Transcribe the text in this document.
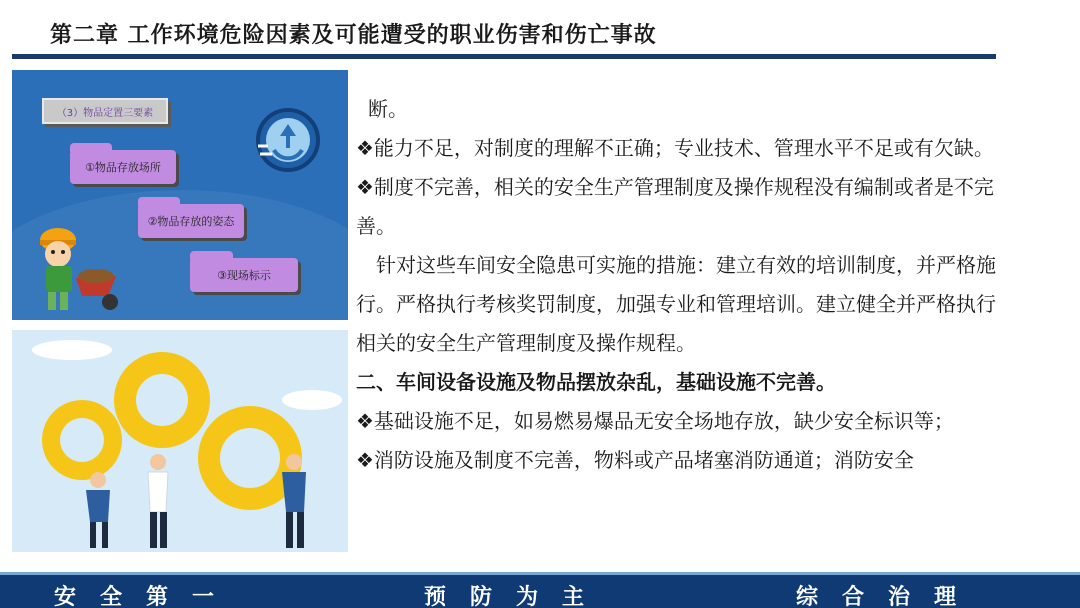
第二章 工作环境危险因素及可能遭受的职业伤害和伤亡事故
（3）物品定置三要素
①物品存放场所
②物品存放的姿态
③现场标示

断。

❖能力不足，对制度的理解不正确；专业技术、管理水平不足或有欠缺。

❖制度不完善，相关的安全生产管理制度及操作规程没有编制或者是不完善。

针对这些车间安全隐患可实施的措施：建立有效的培训制度，并严格施行。严格执行考核奖罚制度，加强专业和管理培训。建立健全并严格执行相关的安全生产管理制度及操作规程。

二、车间设备设施及物品摆放杂乱，基础设施不完善。

❖基础设施不足，如易燃易爆品无安全场地存放，缺少安全标识等；

❖消防设施及制度不完善，物料或产品堵塞消防通道；消防安全

安全第一	预防为主	综合治理
